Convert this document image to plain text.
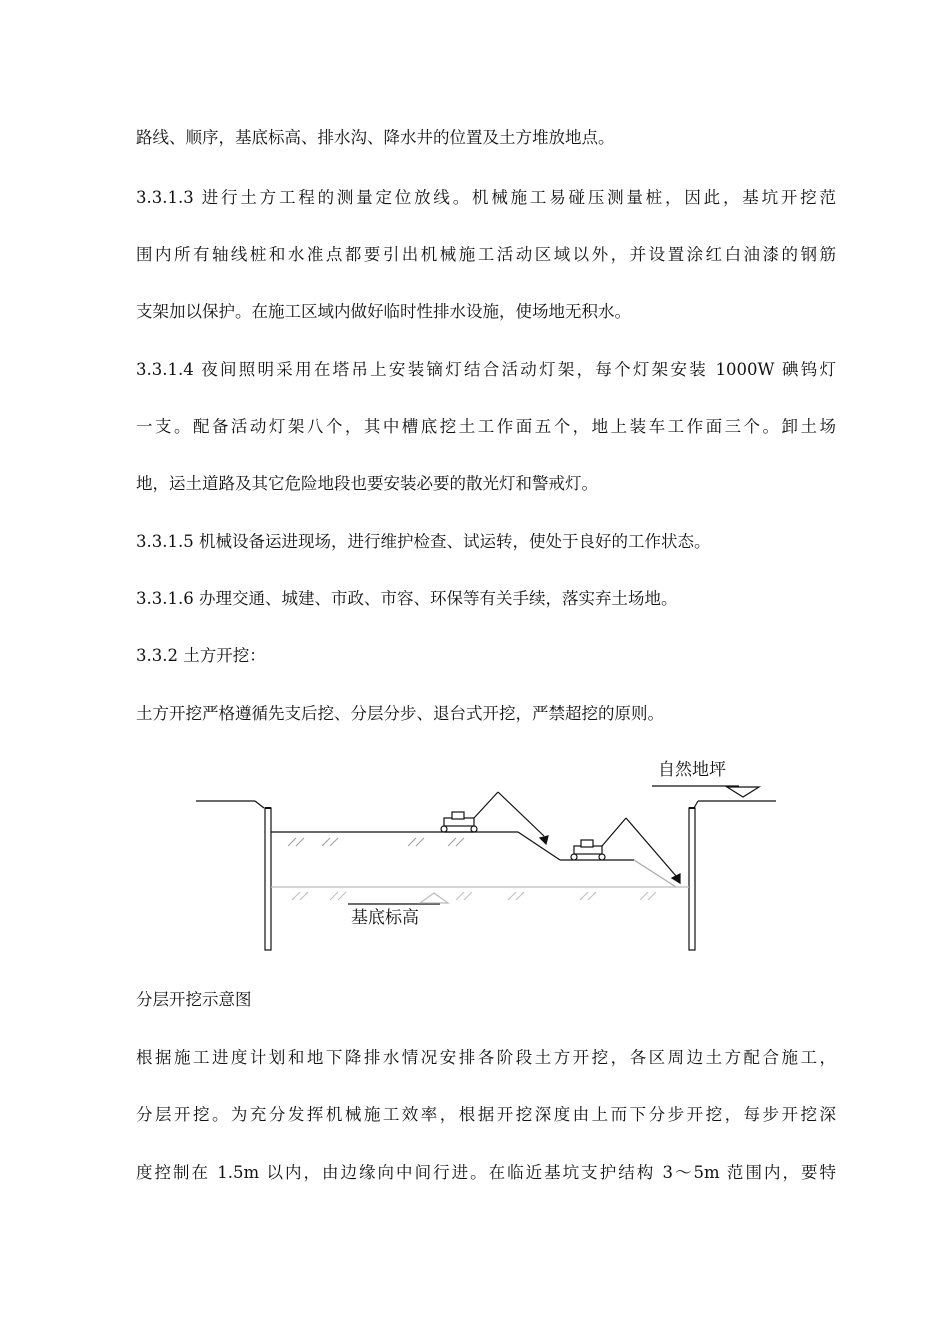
路线、顺序，基底标高、排水沟、降水井的位置及土方堆放地点。
3.3.1.3 进行土方工程的测量定位放线。机械施工易碰压测量桩，因此，基坑开挖范
围内所有轴线桩和水准点都要引出机械施工活动区域以外，并设置涂红白油漆的钢筋
支架加以保护。在施工区域内做好临时性排水设施，使场地无积水。
3.3.1.4 夜间照明采用在塔吊上安装镝灯结合活动灯架，每个灯架安装 1000W 碘钨灯
一支。配备活动灯架八个，其中槽底挖土工作面五个，地上装车工作面三个。卸土场
地，运土道路及其它危险地段也要安装必要的散光灯和警戒灯。
3.3.1.5 机械设备运进现场，进行维护检查、试运转，使处于良好的工作状态。
3.3.1.6 办理交通、城建、市政、市容、环保等有关手续，落实弃土场地。
3.3.2 土方开挖：
土方开挖严格遵循先支后挖、分层分步、退台式开挖，严禁超挖的原则。
自然地坪
基底标高
分层开挖示意图
根据施工进度计划和地下降排水情况安排各阶段土方开挖，各区周边土方配合施工，
分层开挖。为充分发挥机械施工效率，根据开挖深度由上而下分步开挖，每步开挖深
度控制在 1.5m 以内，由边缘向中间行进。在临近基坑支护结构 3～5m 范围内，要特
